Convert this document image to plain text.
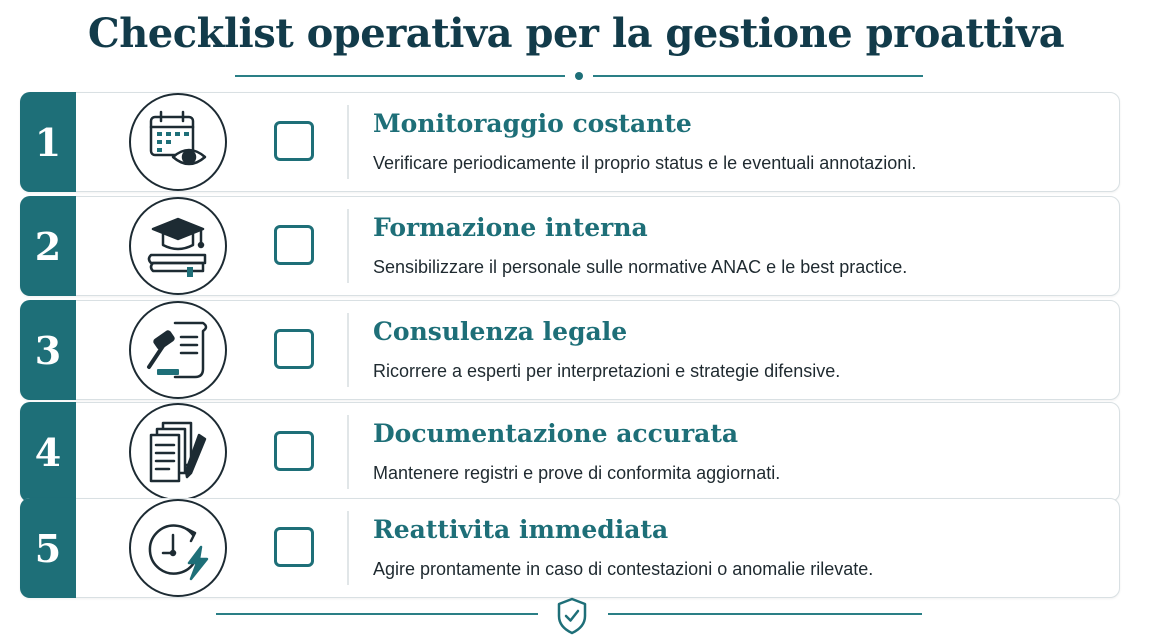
Checklist operativa per la gestione proattiva
1	Monitoraggio costante
Verificare periodicamente il proprio status e le eventuali annotazioni.
2	Formazione interna
Sensibilizzare il personale sulle normative ANAC e le best practice.
3	Consulenza legale
Ricorrere a esperti per interpretazioni e strategie difensive.
4	Documentazione accurata
Mantenere registri e prove di conformita aggiornati.
5	Reattivita immediata
Agire prontamente in caso di contestazioni o anomalie rilevate.
